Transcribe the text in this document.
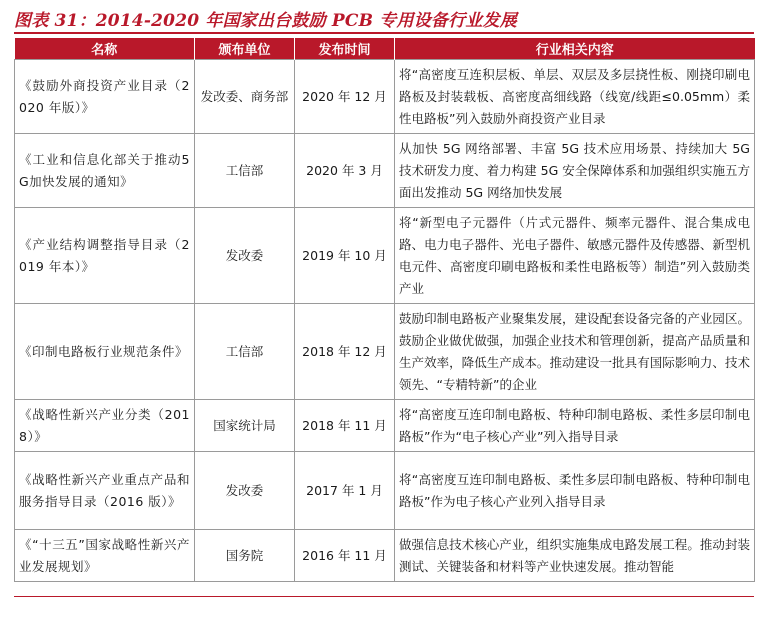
图表 31：2014-2020 年国家出台鼓励 PCB 专用设备行业发展
名称	颁布单位	发布时间	行业相关内容
《鼓励外商投资产业目录（2020 年版）》	发改委、商务部	2020 年 12 月	将“高密度互连积层板、单层、双层及多层挠性板、刚挠印刷电路板及封装载板、高密度高细线路（线宽/线距≤0.05mm）柔性电路板”列入鼓励外商投资产业目录
《工业和信息化部关于推动5G加快发展的通知》	工信部	2020 年 3 月	从加快 5G 网络部署、丰富 5G 技术应用场景、持续加大 5G 技术研发力度、着力构建 5G 安全保障体系和加强组织实施五方面出发推动 5G 网络加快发展
《产业结构调整指导目录（2019 年本）》	发改委	2019 年 10 月	将“新型电子元器件（片式元器件、频率元器件、混合集成电路、电力电子器件、光电子器件、敏感元器件及传感器、新型机电元件、高密度印刷电路板和柔性电路板等）制造”列入鼓励类产业
《印制电路板行业规范条件》	工信部	2018 年 12 月	鼓励印制电路板产业聚集发展，建设配套设备完备的产业园区。鼓励企业做优做强，加强企业技术和管理创新，提高产品质量和生产效率，降低生产成本。推动建设一批具有国际影响力、技术领先、“专精特新”的企业
《战略性新兴产业分类（2018）》	国家统计局	2018 年 11 月	将“高密度互连印制电路板、特种印制电路板、柔性多层印制电路板”作为“电子核心产业”列入指导目录
《战略性新兴产业重点产品和服务指导目录（2016 版）》	发改委	2017 年 1 月	将“高密度互连印制电路板、柔性多层印制电路板、特种印制电路板”作为电子核心产业列入指导目录
《“十三五”国家战略性新兴产业发展规划》	国务院	2016 年 11 月	做强信息技术核心产业，组织实施集成电路发展工程。推动封装测试、关键装备和材料等产业快速发展。推动智能
